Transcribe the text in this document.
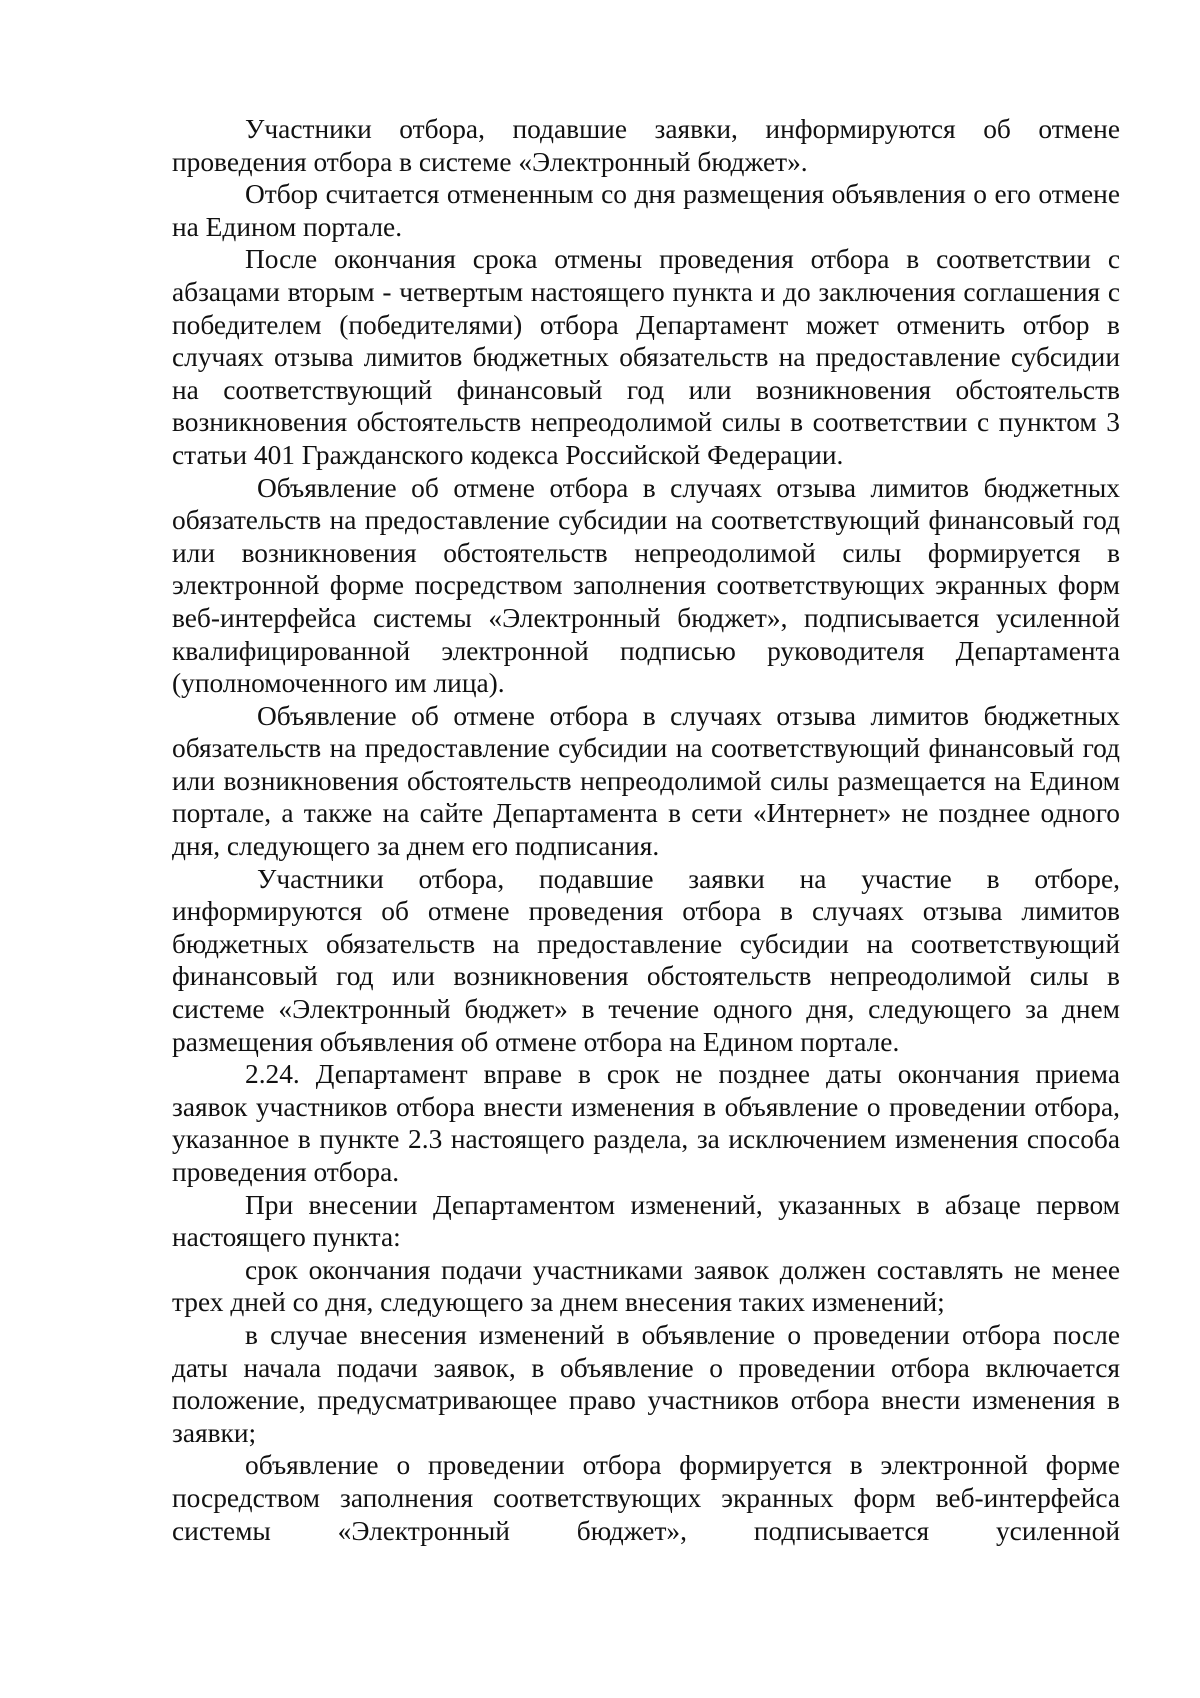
Участники отбора, подавшие заявки, информируются об отмене проведения отбора в системе «Электронный бюджет».

Отбор считается отмененным со дня размещения объявления о его отмене на Едином портале.

После окончания срока отмены проведения отбора в соответствии с абзацами вторым - четвертым настоящего пункта и до заключения соглашения с победителем (победителями) отбора Департамент может отменить отбор в случаях отзыва лимитов бюджетных обязательств на предоставление субсидии на соответствующий финансовый год или возникновения обстоятельств возникновения обстоятельств непреодолимой силы в соответствии с пунктом 3 статьи 401 Гражданского кодекса Российской Федерации.

Объявление об отмене отбора в случаях отзыва лимитов бюджетных обязательств на предоставление субсидии на соответствующий финансовый год или возникновения обстоятельств непреодолимой силы формируется в электронной форме посредством заполнения соответствующих экранных форм веб-интерфейса системы «Электронный бюджет», подписывается усиленной квалифицированной электронной подписью руководителя Департамента (уполномоченного им лица).

Объявление об отмене отбора в случаях отзыва лимитов бюджетных обязательств на предоставление субсидии на соответствующий финансовый год или возникновения обстоятельств непреодолимой силы размещается на Едином портале, а также на сайте Департамента в сети «Интернет» не позднее одного дня, следующего за днем его подписания.

Участники отбора, подавшие заявки на участие в отборе, информируются об отмене проведения отбора в случаях отзыва лимитов бюджетных обязательств на предоставление субсидии на соответствующий финансовый год или возникновения обстоятельств непреодолимой силы в системе «Электронный бюджет» в течение одного дня, следующего за днем размещения объявления об отмене отбора на Едином портале.

2.24. Департамент вправе в срок не позднее даты окончания приема заявок участников отбора внести изменения в объявление о проведении отбора, указанное в пункте 2.3 настоящего раздела, за исключением изменения способа проведения отбора.

При внесении Департаментом изменений, указанных в абзаце первом настоящего пункта:

срок окончания подачи участниками заявок должен составлять не менее трех дней со дня, следующего за днем внесения таких изменений;

в случае внесения изменений в объявление о проведении отбора после даты начала подачи заявок, в объявление о проведении отбора включается положение, предусматривающее право участников отбора внести изменения в заявки;

объявление о проведении отбора формируется в электронной форме посредством заполнения соответствующих экранных форм веб-интерфейса системы «Электронный бюджет», подписывается усиленной
